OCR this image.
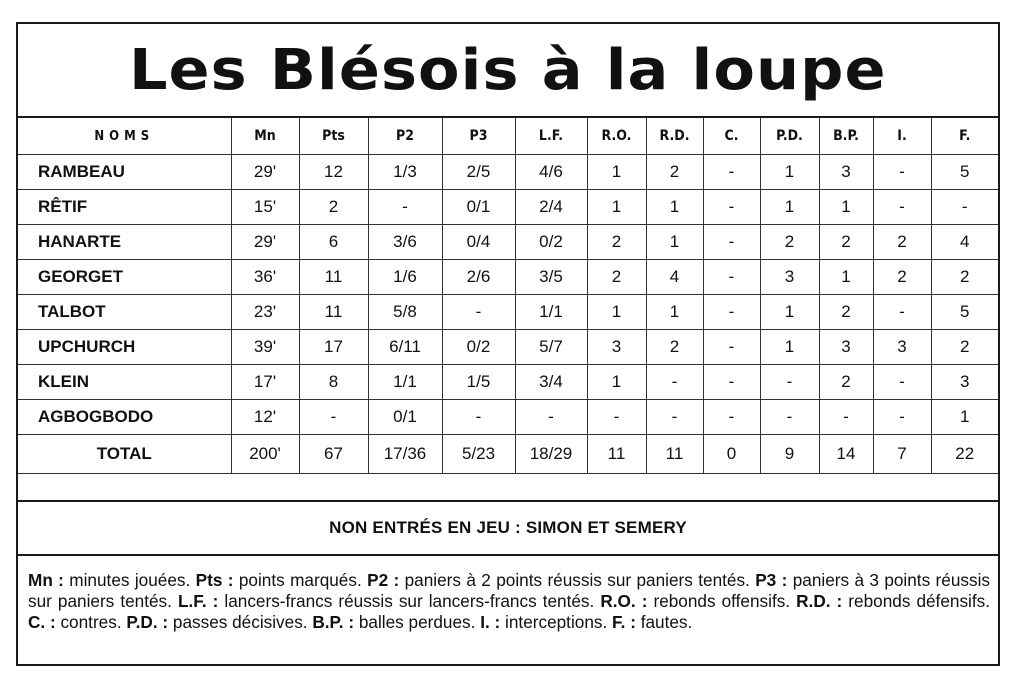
Les Blésois à la loupe
NOMS	Mn	Pts	P2	P3	L.F.	R.O.	R.D.	C.	P.D.	B.P.	I.	F.
RAMBEAU	29'	12	1/3	2/5	4/6	1	2	-	1	3	-	5
RÊTIF	15'	2	-	0/1	2/4	1	1	-	1	1	-	-
HANARTE	29'	6	3/6	0/4	0/2	2	1	-	2	2	2	4
GEORGET	36'	11	1/6	2/6	3/5	2	4	-	3	1	2	2
TALBOT	23'	11	5/8	-	1/1	1	1	-	1	2	-	5
UPCHURCH	39'	17	6/11	0/2	5/7	3	2	-	1	3	3	2
KLEIN	17'	8	1/1	1/5	3/4	1	-	-	-	2	-	3
AGBOGBODO	12'	-	0/1	-	-	-	-	-	-	-	-	1
TOTAL	200'	67	17/36	5/23	18/29	11	11	0	9	14	7	22
NON ENTRÉS EN JEU : SIMON ET SEMERY
Mn : minutes jouées. Pts : points marqués. P2 : paniers à 2 points réussis sur paniers tentés. P3 : paniers à 3 points réussis sur paniers tentés. L.F. : lancers-francs réussis sur lancers-francs tentés. R.O. : rebonds offensifs. R.D. : rebonds défensifs. C. : contres. P.D. : passes décisives. B.P. : balles perdues. I. : interceptions. F. : fautes.
